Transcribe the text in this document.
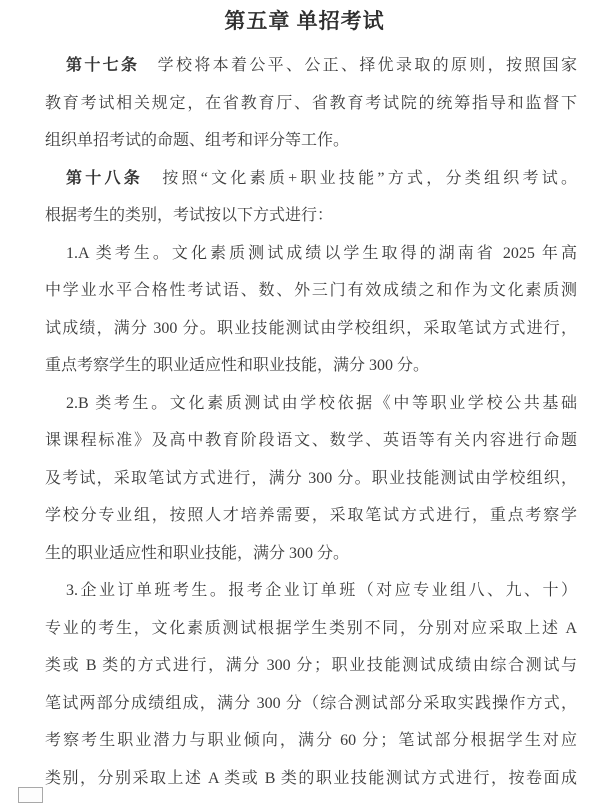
第五章 单招考试
第十七条　学校将本着公平、公正、择优录取的原则，按照国家
教育考试相关规定，在省教育厅、省教育考试院的统筹指导和监督下
组织单招考试的命题、组考和评分等工作。
第十八条　按照“文化素质+职业技能”方式，分类组织考试。
根据考生的类别，考试按以下方式进行：
1.A 类考生。文化素质测试成绩以学生取得的湖南省 2025 年高
中学业水平合格性考试语、数、外三门有效成绩之和作为文化素质测
试成绩，满分 300 分。职业技能测试由学校组织，采取笔试方式进行，
重点考察学生的职业适应性和职业技能，满分 300 分。
2.B 类考生。文化素质测试由学校依据《中等职业学校公共基础
课课程标准》及高中教育阶段语文、数学、英语等有关内容进行命题
及考试，采取笔试方式进行，满分 300 分。职业技能测试由学校组织，
学校分专业组，按照人才培养需要，采取笔试方式进行，重点考察学
生的职业适应性和职业技能，满分 300 分。
3.企业订单班考生。报考企业订单班（对应专业组八、九、十）
专业的考生，文化素质测试根据学生类别不同，分别对应采取上述 A
类或 B 类的方式进行，满分 300 分；职业技能测试成绩由综合测试与
笔试两部分成绩组成，满分 300 分（综合测试部分采取实践操作方式，
考察考生职业潜力与职业倾向，满分 60 分；笔试部分根据学生对应
类别，分别采取上述 A 类或 B 类的职业技能测试方式进行，按卷面成
